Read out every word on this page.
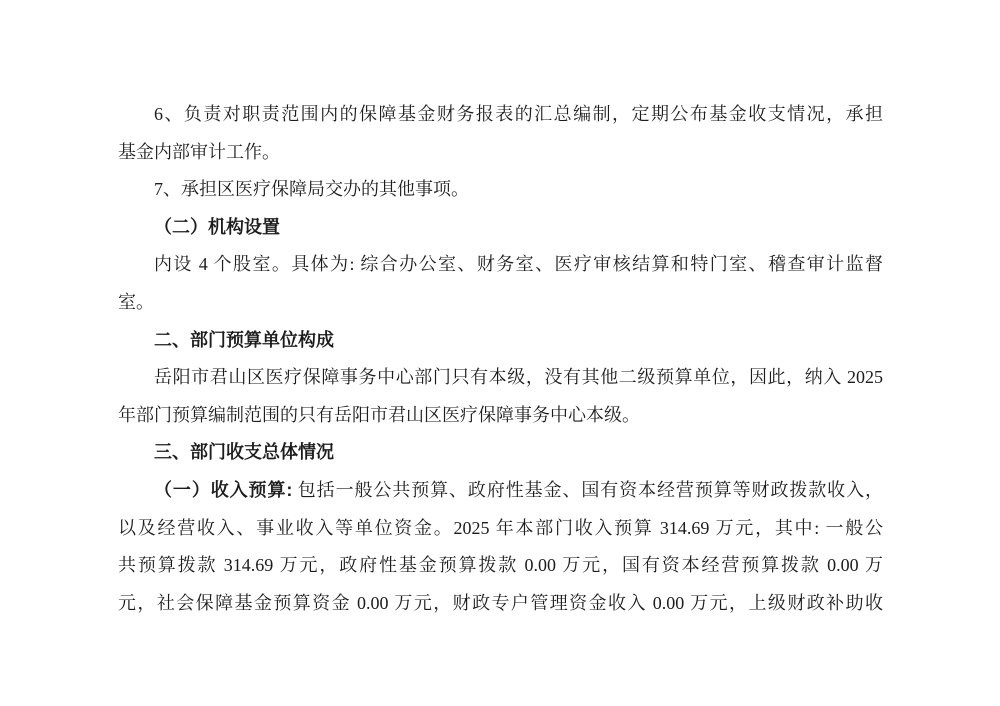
6、负责对职责范围内的保障基金财务报表的汇总编制，定期公布基金收支情况，承担
基金内部审计工作。
7、承担区医疗保障局交办的其他事项。
（二）机构设置
内设 4 个股室。具体为: 综合办公室、财务室、医疗审核结算和特门室、稽查审计监督
室。
二、部门预算单位构成
岳阳市君山区医疗保障事务中心部门只有本级，没有其他二级预算单位，因此，纳入 2025
年部门预算编制范围的只有岳阳市君山区医疗保障事务中心本级。
三、部门收支总体情况
（一）收入预算: 包括一般公共预算、政府性基金、国有资本经营预算等财政拨款收入，
以及经营收入、事业收入等单位资金。2025 年本部门收入预算 314.69 万元，其中: 一般公
共预算拨款 314.69 万元，政府性基金预算拨款 0.00 万元，国有资本经营预算拨款 0.00 万
元，社会保障基金预算资金 0.00 万元，财政专户管理资金收入 0.00 万元，上级财政补助收
